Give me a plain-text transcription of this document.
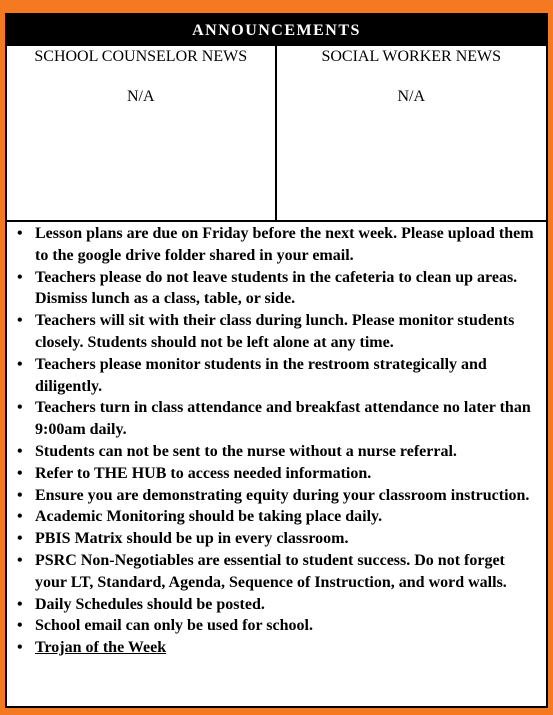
ANNOUNCEMENTS
SCHOOL COUNSELOR NEWS
N/A
SOCIAL WORKER NEWS
N/A
• Lesson plans are due on Friday before the next week. Please upload them to the google drive folder shared in your email.
• Teachers please do not leave students in the cafeteria to clean up areas. Dismiss lunch as a class, table, or side.
• Teachers will sit with their class during lunch. Please monitor students closely. Students should not be left alone at any time.
• Teachers please monitor students in the restroom strategically and diligently.
• Teachers turn in class attendance and breakfast attendance no later than 9:00am daily.
• Students can not be sent to the nurse without a nurse referral.
• Refer to THE HUB to access needed information.
• Ensure you are demonstrating equity during your classroom instruction.
• Academic Monitoring should be taking place daily.
• PBIS Matrix should be up in every classroom.
• PSRC Non-Negotiables are essential to student success. Do not forget your LT, Standard, Agenda, Sequence of Instruction, and word walls.
• Daily Schedules should be posted.
• School email can only be used for school.
• Trojan of the Week
